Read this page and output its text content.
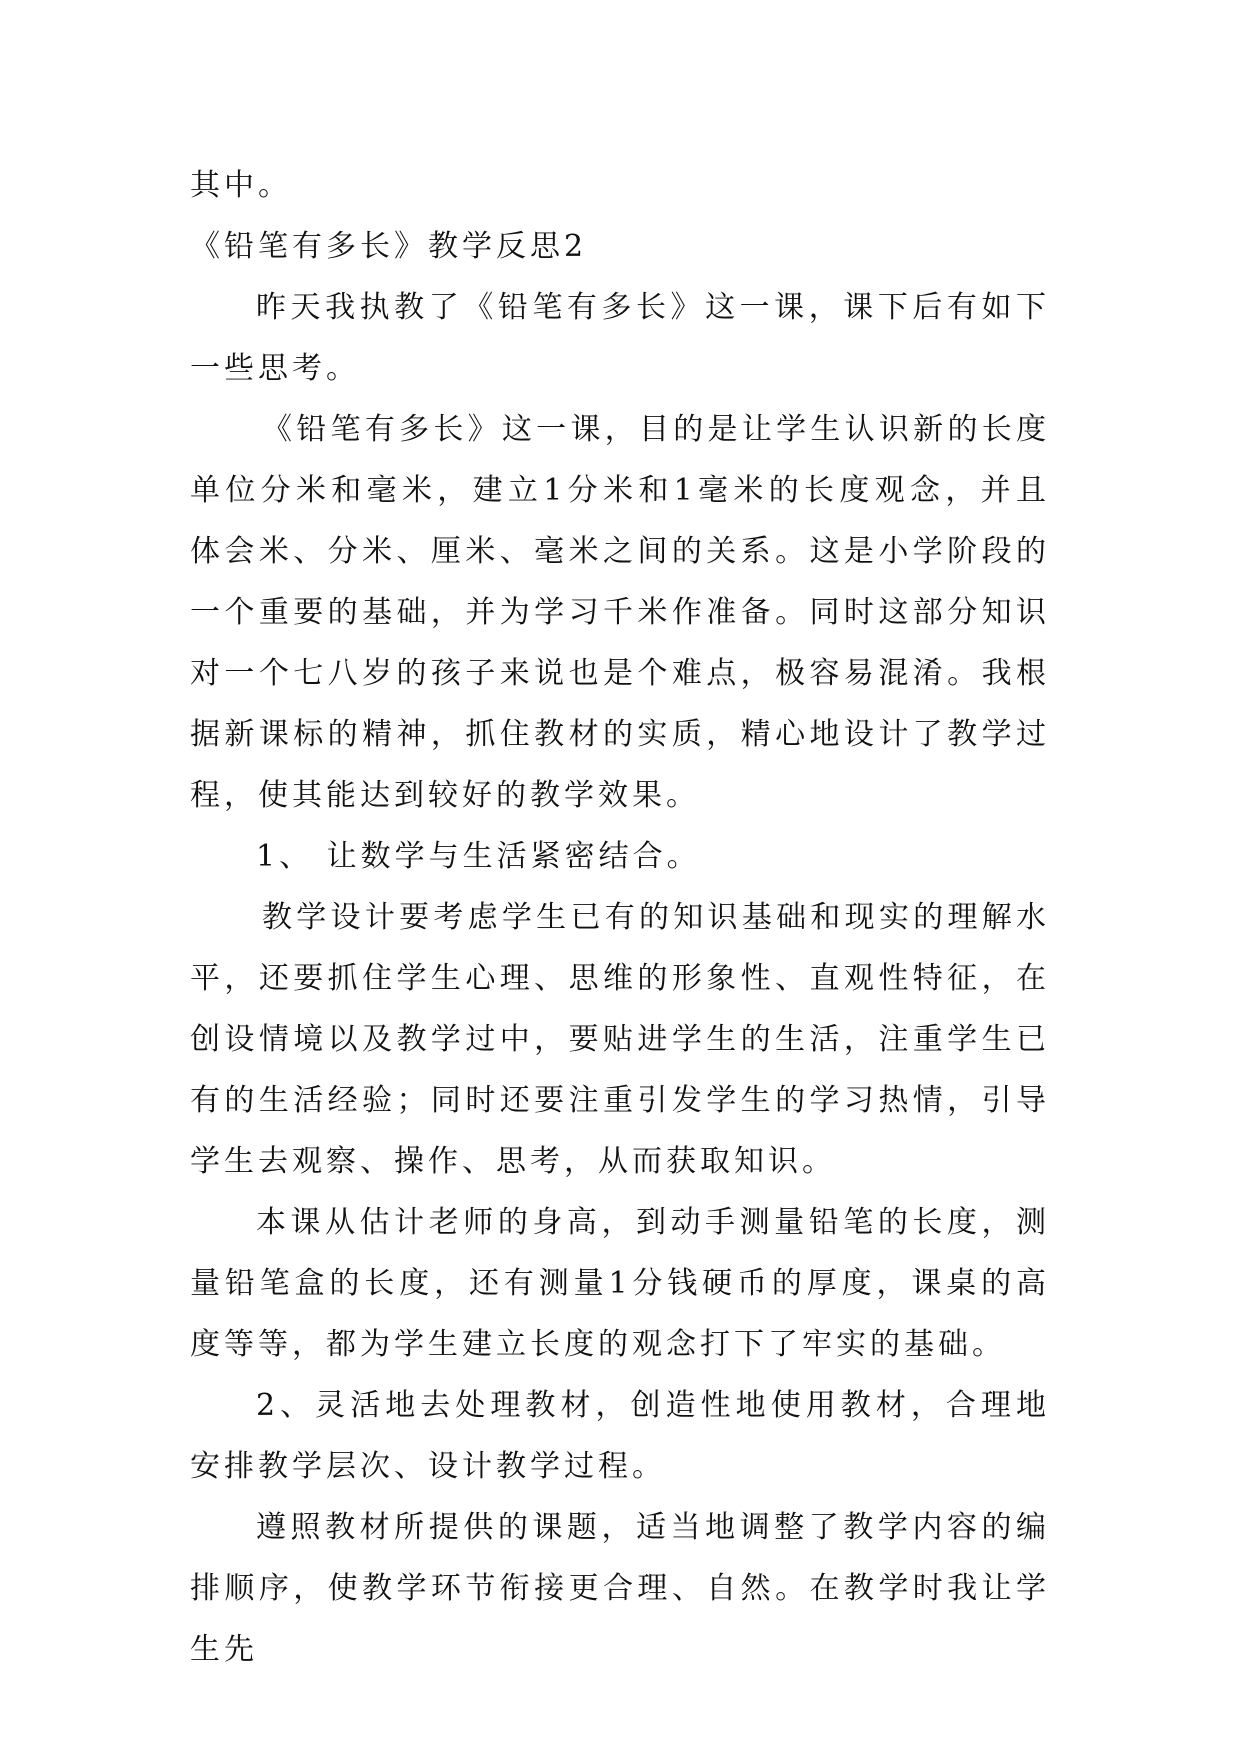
其中。

《铅笔有多长》教学反思2

昨天我执教了《铅笔有多长》这一课，课下后有如下一些思考。

《铅笔有多长》这一课，目的是让学生认识新的长度单位分米和毫米，建立1分米和1毫米的长度观念，并且体会米、分米、厘米、毫米之间的关系。这是小学阶段的一个重要的基础，并为学习千米作准备。同时这部分知识对一个七八岁的孩子来说也是个难点，极容易混淆。我根据新课标的精神，抓住教材的实质，精心地设计了教学过程，使其能达到较好的教学效果。

1、 让数学与生活紧密结合。

教学设计要考虑学生已有的知识基础和现实的理解水平，还要抓住学生心理、思维的形象性、直观性特征，在创设情境以及教学过中，要贴进学生的生活，注重学生已有的生活经验；同时还要注重引发学生的学习热情，引导学生去观察、操作、思考，从而获取知识。

本课从估计老师的身高，到动手测量铅笔的长度，测量铅笔盒的长度，还有测量1分钱硬币的厚度，课桌的高度等等，都为学生建立长度的观念打下了牢实的基础。

2、灵活地去处理教材，创造性地使用教材，合理地安排教学层次、设计教学过程。

遵照教材所提供的课题，适当地调整了教学内容的编排顺序，使教学环节衔接更合理、自然。在教学时我让学生先
